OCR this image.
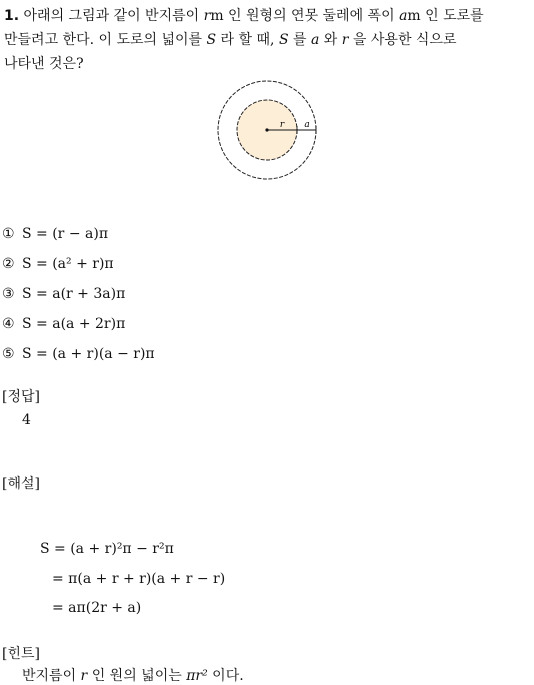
1. 아래의 그림과 같이 반지름이 rm 인 원형의 연못 둘레에 폭이 am 인 도로를
만들려고 한다. 이 도로의 넓이를 S 라 할 때, S 를 a 와 r 을 사용한 식으로
나타낸 것은?
r a
① S = (r − a)π
② S = (a² + r)π
③ S = a(r + 3a)π
④ S = a(a + 2r)π
⑤ S = (a + r)(a − r)π
[정답]
4
[해설]
S = (a + r)²π − r²π
= π(a + r + r)(a + r − r)
= aπ(2r + a)
[힌트]
반지름이 r 인 원의 넓이는 πr² 이다.
